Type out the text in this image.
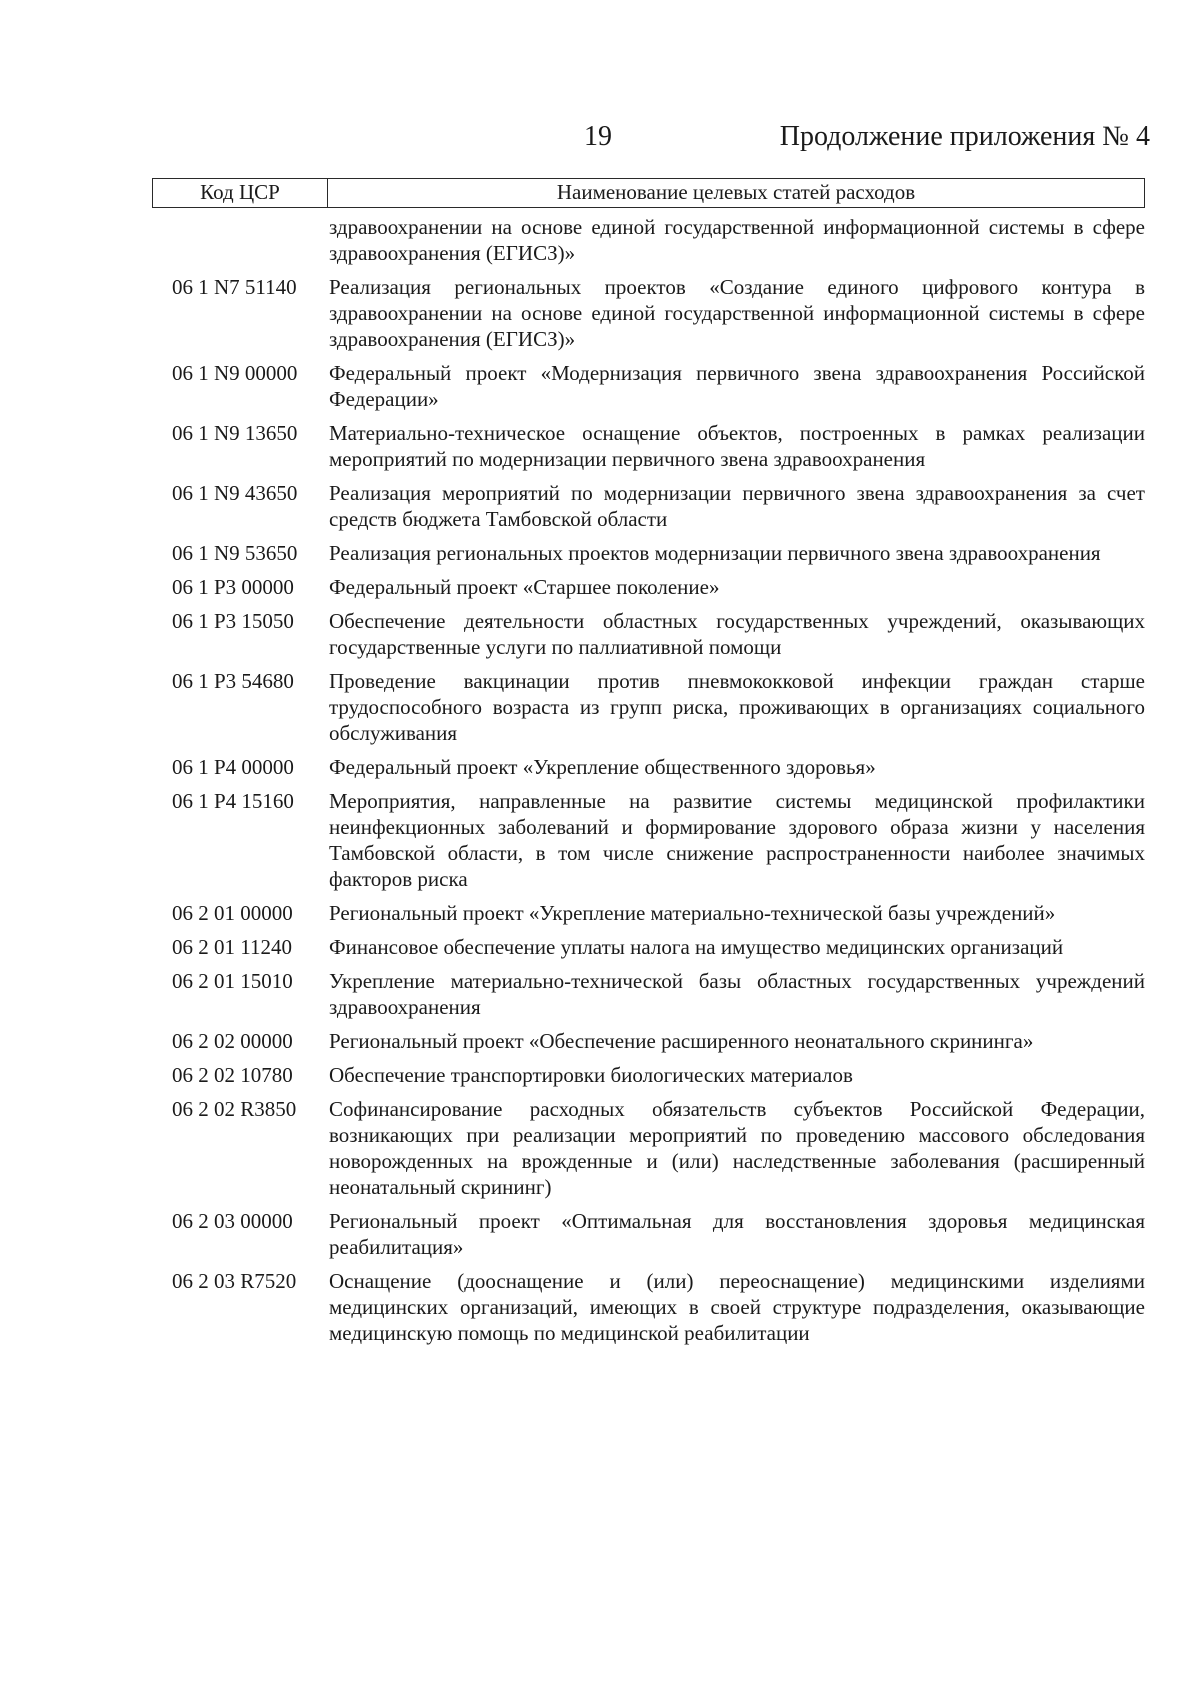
19	Продолжение приложения № 4
Код ЦСР	Наименование целевых статей расходов
здравоохранении на основе единой государственной информационной системы в сфере здравоохранения (ЕГИСЗ)»
06 1 N7 51140	Реализация региональных проектов «Создание единого цифрового контура в здравоохранении на основе единой государственной информационной системы в сфере здравоохранения (ЕГИСЗ)»
06 1 N9 00000	Федеральный проект «Модернизация первичного звена здравоохранения Российской Федерации»
06 1 N9 13650	Материально-техническое оснащение объектов, построенных в рамках реализации мероприятий по модернизации первичного звена здравоохранения
06 1 N9 43650	Реализация мероприятий по модернизации первичного звена здравоохранения за счет средств бюджета Тамбовской области
06 1 N9 53650	Реализация региональных проектов модернизации первичного звена здравоохранения
06 1 P3 00000	Федеральный проект «Старшее поколение»
06 1 P3 15050	Обеспечение деятельности областных государственных учреждений, оказывающих государственные услуги по паллиативной помощи
06 1 P3 54680	Проведение вакцинации против пневмококковой инфекции граждан старше трудоспособного возраста из групп риска, проживающих в организациях социального обслуживания
06 1 P4 00000	Федеральный проект «Укрепление общественного здоровья»
06 1 P4 15160	Мероприятия, направленные на развитие системы медицинской профилактики неинфекционных заболеваний и формирование здорового образа жизни у населения Тамбовской области, в том числе снижение распространенности наиболее значимых факторов риска
06 2 01 00000	Региональный проект «Укрепление материально-технической базы учреждений»
06 2 01 11240	Финансовое обеспечение уплаты налога на имущество медицинских организаций
06 2 01 15010	Укрепление материально-технической базы областных государственных учреждений здравоохранения
06 2 02 00000	Региональный проект «Обеспечение расширенного неонатального скрининга»
06 2 02 10780	Обеспечение транспортировки биологических материалов
06 2 02 R3850	Софинансирование расходных обязательств субъектов Российской Федерации, возникающих при реализации мероприятий по проведению массового обследования новорожденных на врожденные и (или) наследственные заболевания (расширенный неонатальный скрининг)
06 2 03 00000	Региональный проект «Оптимальная для восстановления здоровья медицинская реабилитация»
06 2 03 R7520	Оснащение (дооснащение и (или) переоснащение) медицинскими изделиями медицинских организаций, имеющих в своей структуре подразделения, оказывающие медицинскую помощь по медицинской реабилитации
